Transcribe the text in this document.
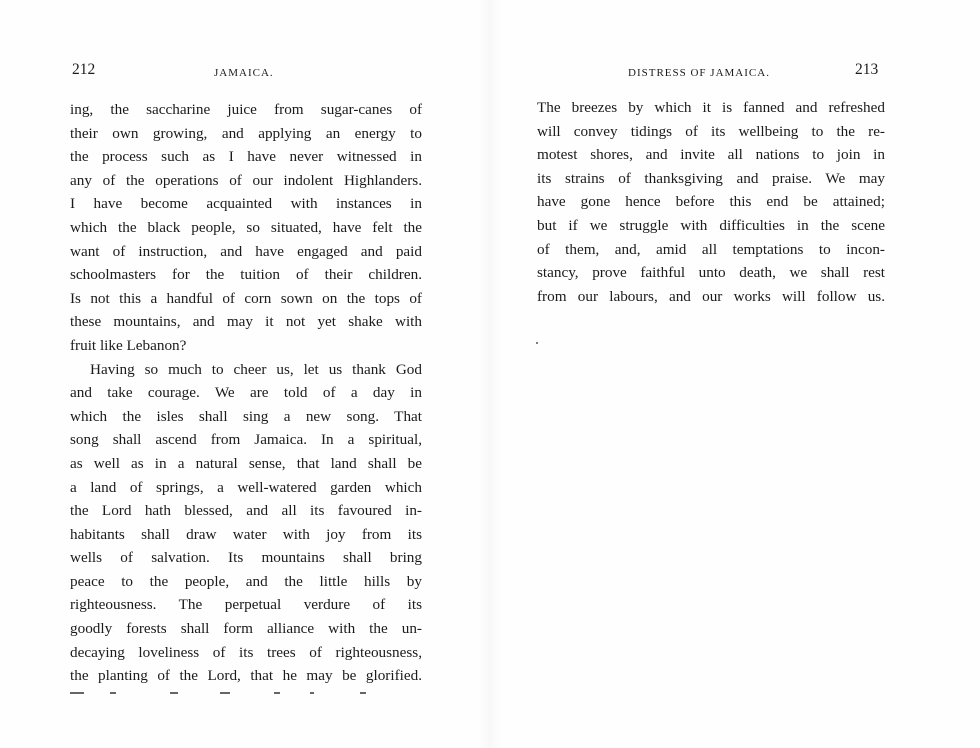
212	JAMAICA.
ing, the saccharine juice from sugar-canes of
their own growing, and applying an energy to
the process such as I have never witnessed in
any of the operations of our indolent Highlanders.
I have become acquainted with instances in
which the black people, so situated, have felt the
want of instruction, and have engaged and paid
schoolmasters for the tuition of their children.
Is not this a handful of corn sown on the tops of
these mountains, and may it not yet shake with
fruit like Lebanon?
Having so much to cheer us, let us thank God
and take courage. We are told of a day in
which the isles shall sing a new song. That
song shall ascend from Jamaica. In a spiritual,
as well as in a natural sense, that land shall be
a land of springs, a well-watered garden which
the Lord hath blessed, and all its favoured in-
habitants shall draw water with joy from its
wells of salvation. Its mountains shall bring
peace to the people, and the little hills by
righteousness. The perpetual verdure of its
goodly forests shall form alliance with the un-
decaying loveliness of its trees of righteousness,
the planting of the Lord, that he may be glorified.
DISTRESS OF JAMAICA.	213
The breezes by which it is fanned and refreshed
will convey tidings of its wellbeing to the re-
motest shores, and invite all nations to join in
its strains of thanksgiving and praise. We may
have gone hence before this end be attained;
but if we struggle with difficulties in the scene
of them, and, amid all temptations to incon-
stancy, prove faithful unto death, we shall rest
from our labours, and our works will follow us.
